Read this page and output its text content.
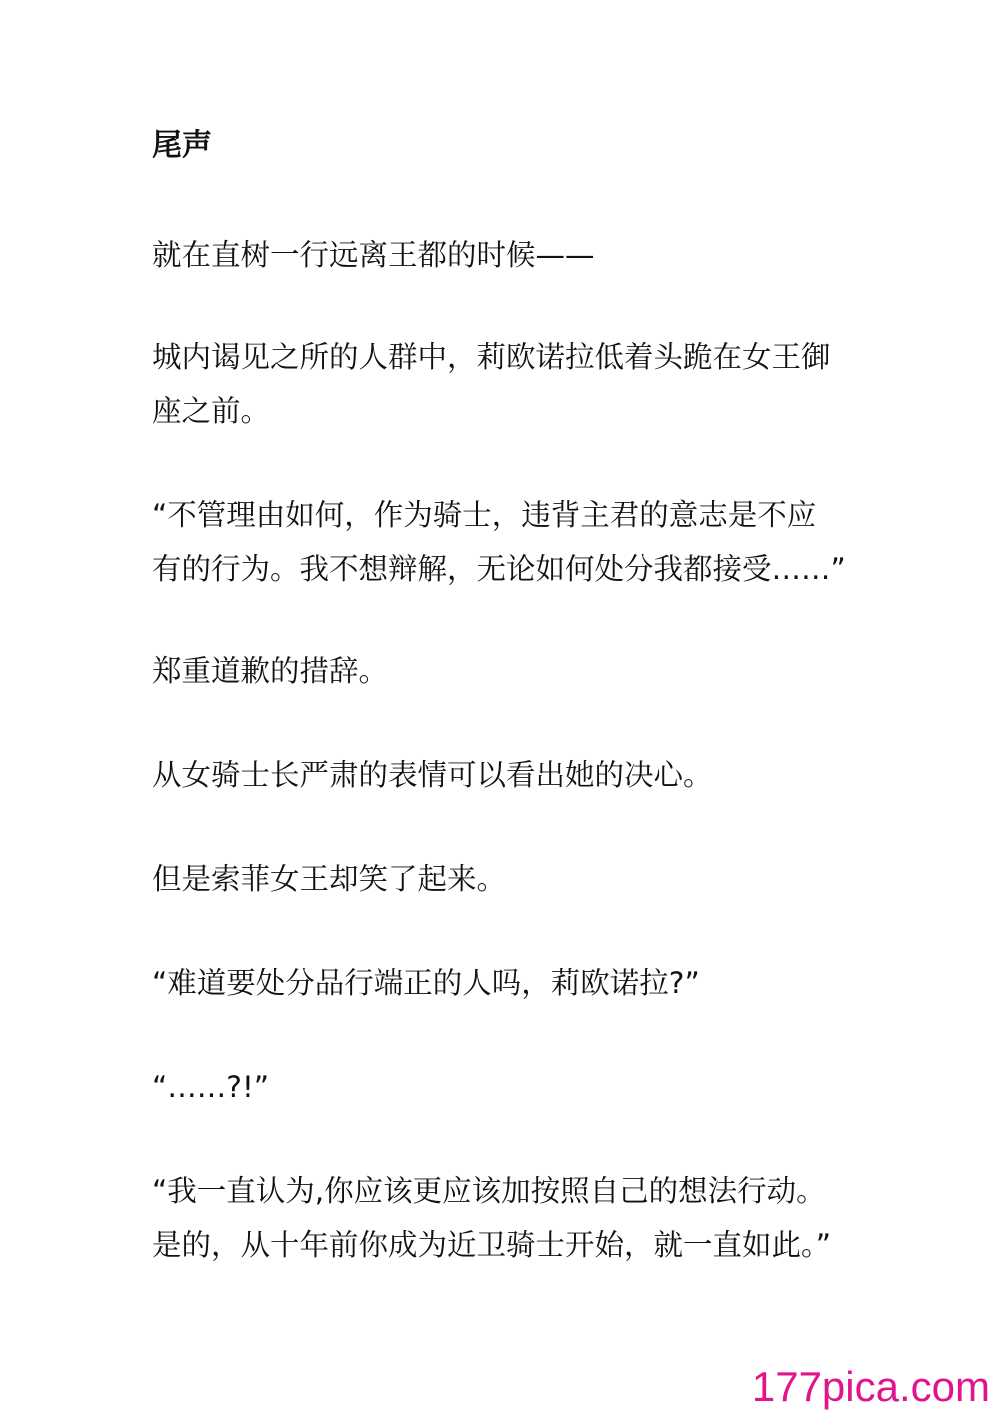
尾声

就在直树一行远离王都的时候——

城内谒见之所的人群中，莉欧诺拉低着头跪在女王御
座之前。

“不管理由如何，作为骑士，违背主君的意志是不应
有的行为。我不想辩解，无论如何处分我都接受……”

郑重道歉的措辞。

从女骑士长严肃的表情可以看出她的决心。

但是索菲女王却笑了起来。

“难道要处分品行端正的人吗，莉欧诺拉?”

“……?!”

“我一直认为,你应该更应该加按照自己的想法行动。
是的，从十年前你成为近卫骑士开始，就一直如此。”

177pica.com
